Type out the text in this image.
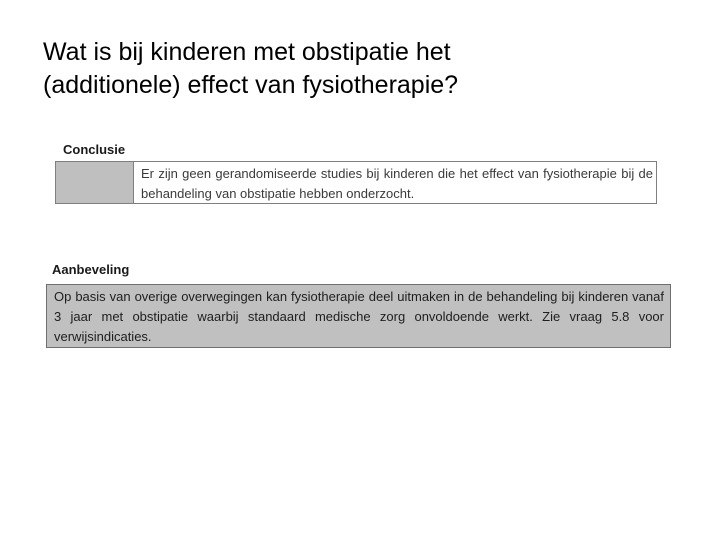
Wat is bij kinderen met obstipatie het
(additionele) effect van fysiotherapie?
Conclusie
Er zijn geen gerandomiseerde studies bij kinderen die het effect van fysiotherapie bij de behandeling van obstipatie hebben onderzocht.
Aanbeveling
Op basis van overige overwegingen kan fysiotherapie deel uitmaken in de behandeling bij kinderen vanaf 3 jaar met obstipatie waarbij standaard medische zorg onvoldoende werkt. Zie vraag 5.8 voor verwijsindicaties.
